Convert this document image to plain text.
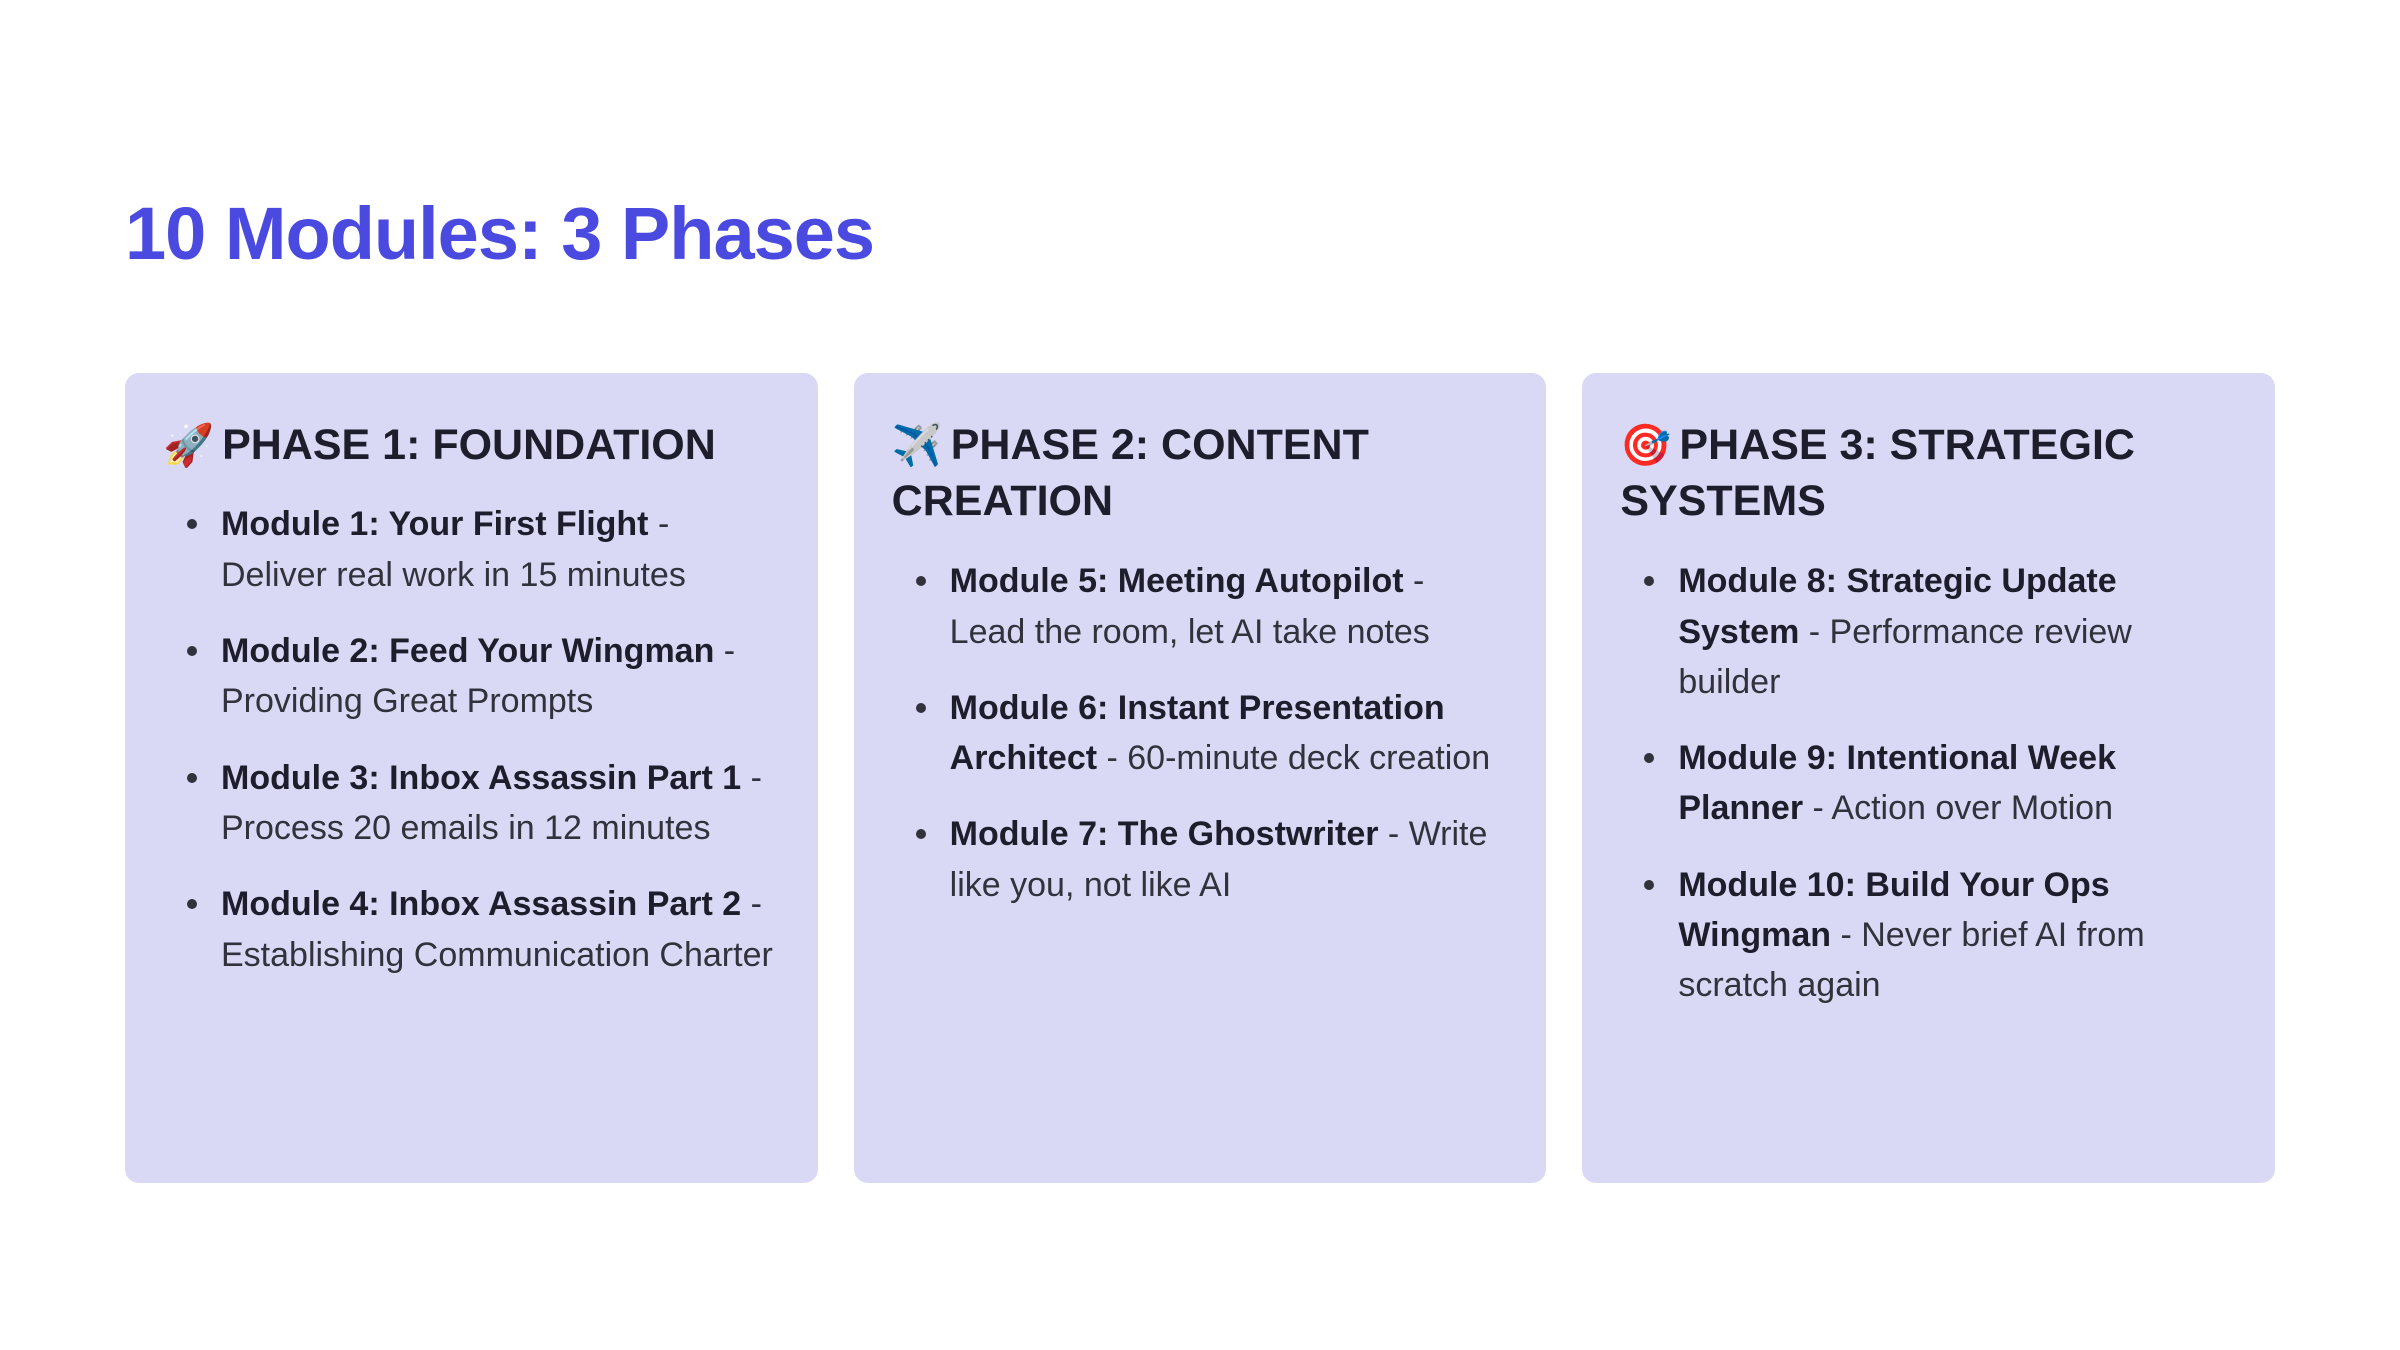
10 Modules: 3 Phases
🚀 PHASE 1: FOUNDATION
Module 1: Your First Flight - Deliver real work in 15 minutes
Module 2: Feed Your Wingman - Providing Great Prompts
Module 3: Inbox Assassin Part 1 - Process 20 emails in 12 minutes
Module 4: Inbox Assassin Part 2 - Establishing Communication Charter
✈️ PHASE 2: CONTENT CREATION
Module 5: Meeting Autopilot - Lead the room, let AI take notes
Module 6: Instant Presentation Architect - 60-minute deck creation
Module 7: The Ghostwriter - Write like you, not like AI
🎯 PHASE 3: STRATEGIC SYSTEMS
Module 8: Strategic Update System - Performance review builder
Module 9: Intentional Week Planner - Action over Motion
Module 10: Build Your Ops Wingman - Never brief AI from scratch again
